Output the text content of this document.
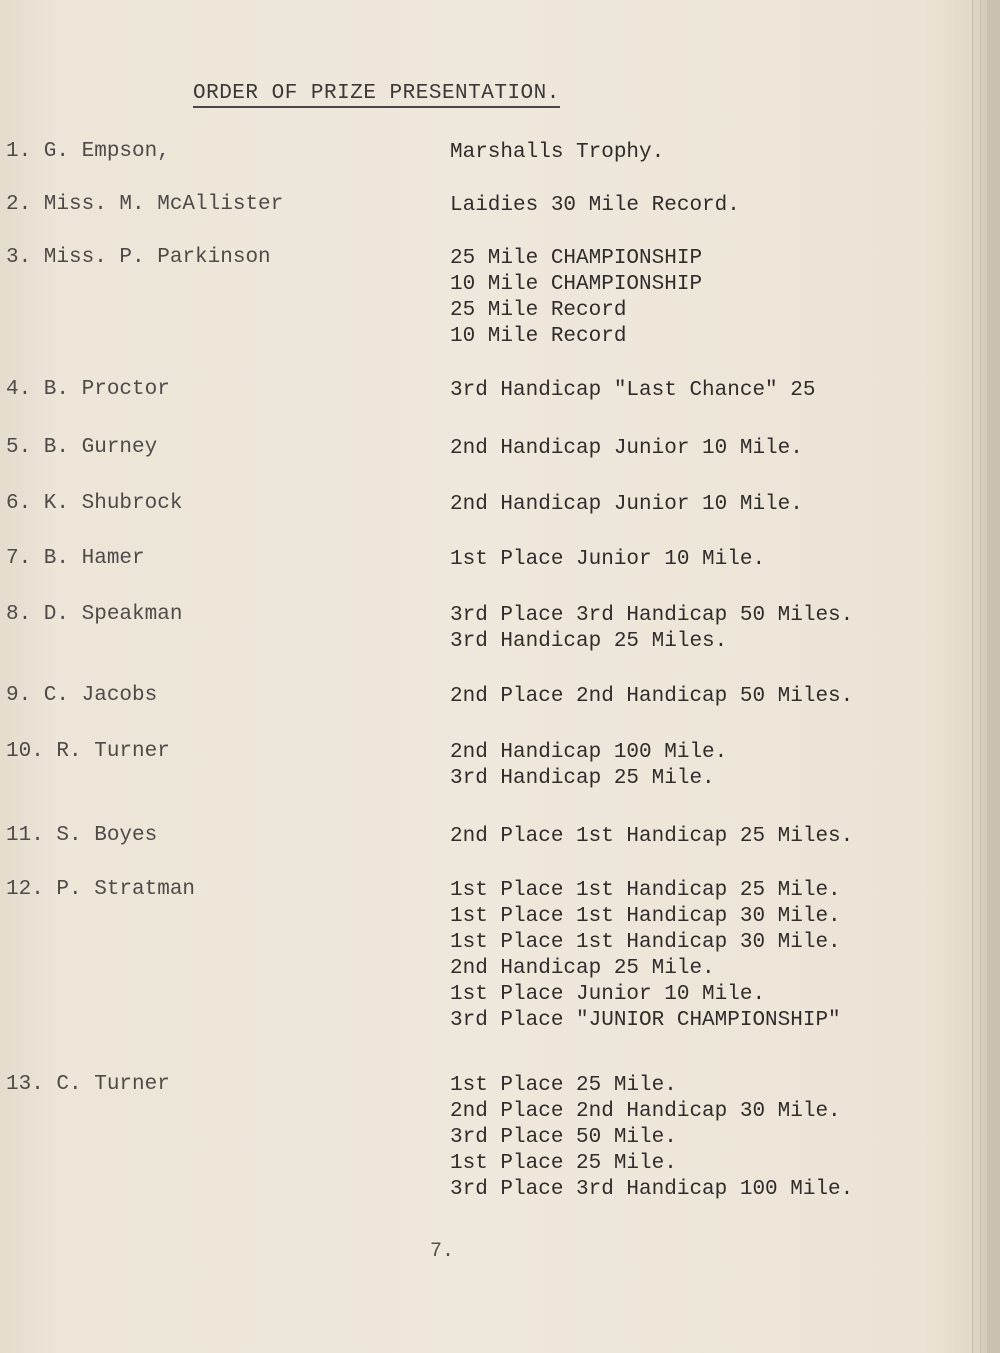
ORDER OF PRIZE PRESENTATION.
1. G. Empson,	Marshalls Trophy.
2. Miss. M. McAllister	Laidies 30 Mile Record.
3. Miss. P. Parkinson	25 Mile CHAMPIONSHIP
10 Mile CHAMPIONSHIP
25 Mile Record
10 Mile Record
4. B. Proctor	3rd Handicap "Last Chance" 25
5. B. Gurney	2nd Handicap Junior 10 Mile.
6. K. Shubrock	2nd Handicap Junior 10 Mile.
7. B. Hamer	1st Place Junior 10 Mile.
8. D. Speakman	3rd Place 3rd Handicap 50 Miles.
3rd Handicap 25 Miles.
9. C. Jacobs	2nd Place 2nd Handicap 50 Miles.
10. R. Turner	2nd Handicap 100 Mile.
3rd Handicap 25 Mile.
11. S. Boyes	2nd Place 1st Handicap 25 Miles.
12. P. Stratman	1st Place 1st Handicap 25 Mile.
1st Place 1st Handicap 30 Mile.
1st Place 1st Handicap 30 Mile.
2nd Handicap 25 Mile.
1st Place Junior 10 Mile.
3rd Place "JUNIOR CHAMPIONSHIP"
13. C. Turner	1st Place 25 Mile.
2nd Place 2nd Handicap 30 Mile.
3rd Place 50 Mile.
1st Place 25 Mile.
3rd Place 3rd Handicap 100 Mile.
7.
